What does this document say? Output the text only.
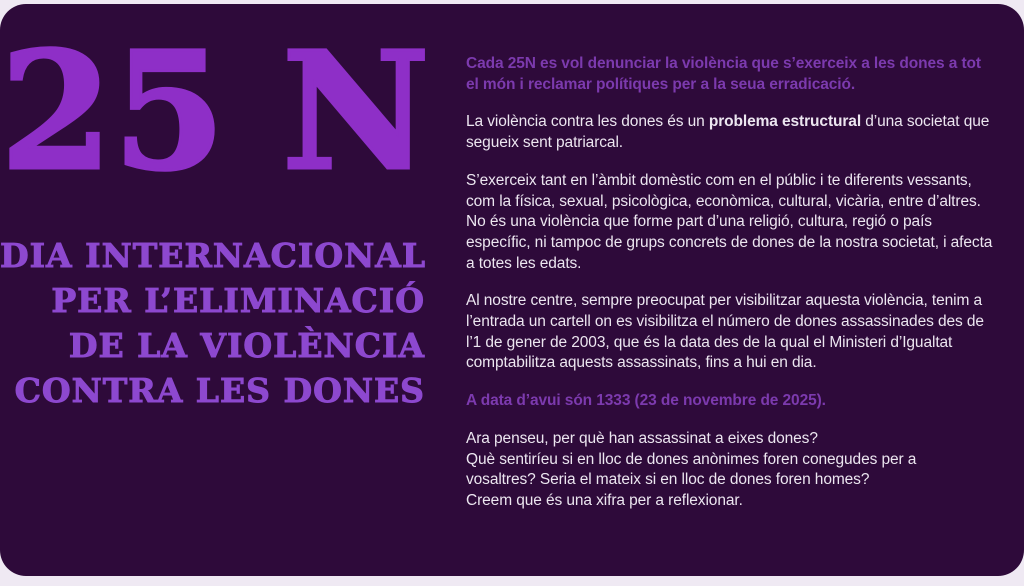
25 N
DIA INTERNACIONAL
PER L’ELIMINACIÓ
DE LA VIOLÈNCIA
CONTRA LES DONES

Cada 25N es vol denunciar la violència que s’exerceix a les dones a tot el món i reclamar polítiques per a la seua erradicació.

La violència contra les dones és un problema estructural d’una societat que segueix sent patriarcal.

S’exerceix tant en l’àmbit domèstic com en el públic i te diferents vessants, com la física, sexual, psicològica, econòmica, cultural, vicària, entre d’altres. No és una violència que forme part d’una religió, cultura, regió o país específic, ni tampoc de grups concrets de dones de la nostra societat, i afecta a totes les edats.

Al nostre centre, sempre preocupat per visibilitzar aquesta violència, tenim a l’entrada un cartell on es visibilitza el número de dones assassinades des de l’1 de gener de 2003, que és la data des de la qual el Ministeri d’Igualtat comptabilitza aquests assassinats, fins a hui en dia.

A data d’avui són 1333 (23 de novembre de 2025).

Ara penseu, per què han assassinat a eixes dones?
Què sentiríeu si en lloc de dones anònimes foren conegudes per a
vosaltres? Seria el mateix si en lloc de dones foren homes?
Creem que és una xifra per a reflexionar.
